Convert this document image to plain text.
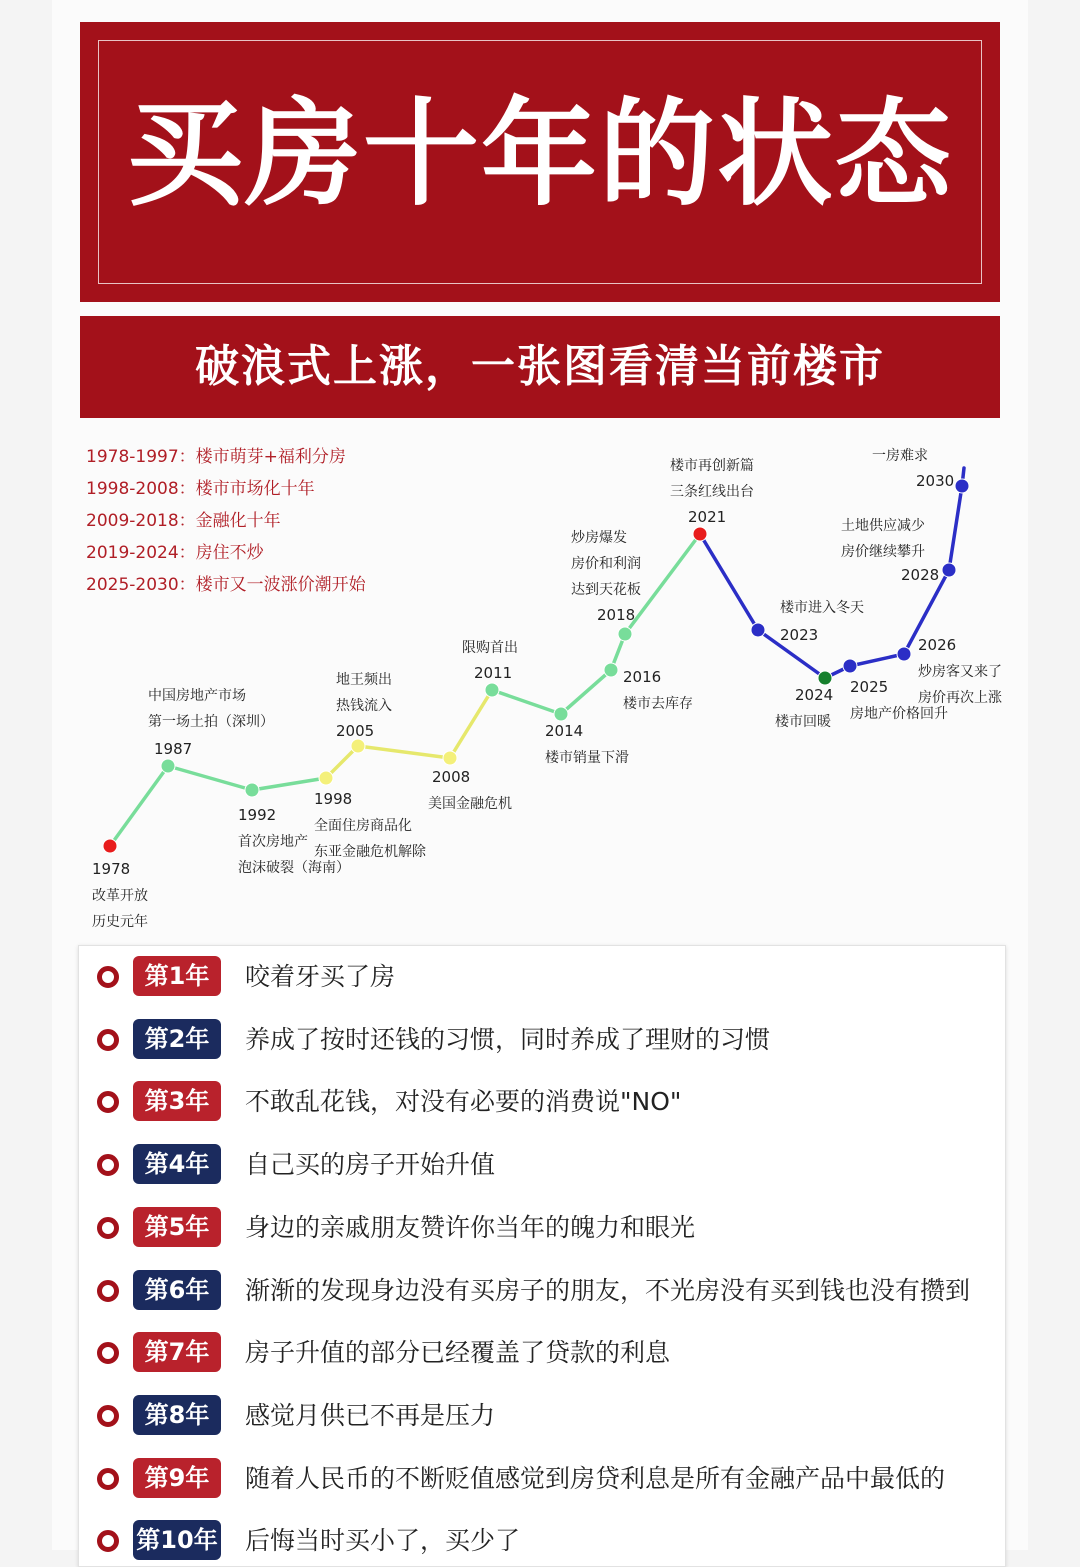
买房十年的状态
破浪式上涨，一张图看清当前楼市
1978-1997：楼市萌芽+福利分房
1998-2008：楼市市场化十年
2009-2018：金融化十年
2019-2024：房住不炒
2025-2030：楼市又一波涨价潮开始
1978
改革开放
历史元年
1987
中国房地产市场
第一场土拍（深圳）
1992
首次房地产
泡沫破裂（海南）
1998
全面住房商品化
东亚金融危机解除
2005
地王频出
热钱流入
2008
美国金融危机
2011
限购首出
2014
楼市销量下滑
2016
楼市去库存
2018
炒房爆发
房价和利润
达到天花板
2021
楼市再创新篇
三条红线出台
2023
楼市进入冬天
2024
楼市回暖
2025
房地产价格回升
2026
炒房客又来了
房价再次上涨
2028
土地供应减少
房价继续攀升
2030
一房难求
第1年	咬着牙买了房
第2年	养成了按时还钱的习惯，同时养成了理财的习惯
第3年	不敢乱花钱，对没有必要的消费说"NO"
第4年	自己买的房子开始升值
第5年	身边的亲戚朋友赞许你当年的魄力和眼光
第6年	渐渐的发现身边没有买房子的朋友，不光房没有买到钱也没有攒到
第7年	房子升值的部分已经覆盖了贷款的利息
第8年	感觉月供已不再是压力
第9年	随着人民币的不断贬值感觉到房贷利息是所有金融产品中最低的
第10年 后悔当时买小了，买少了
